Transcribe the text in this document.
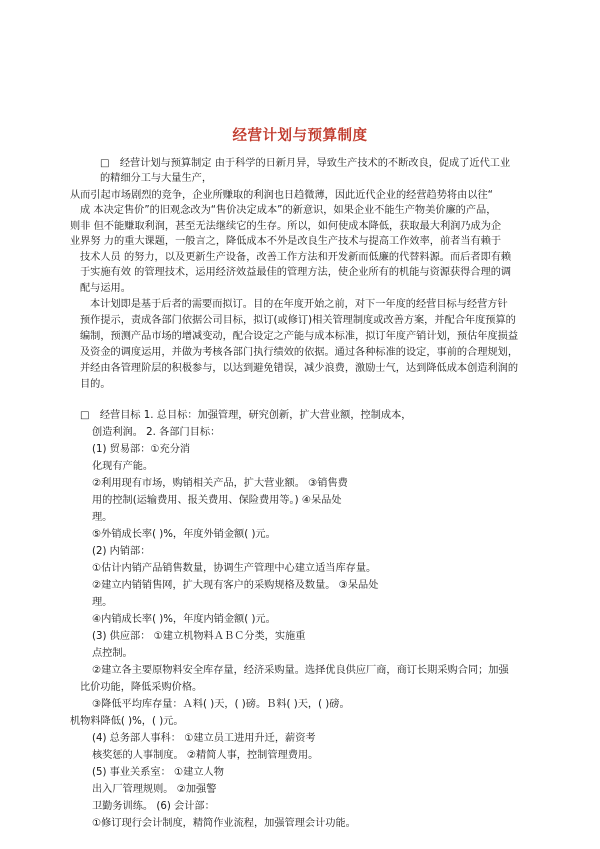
经营计划与预算制度
□　经营计划与预算制定 由于科学的日新月异，导致生产技术的不断改良，促成了近代工业
的精细分工与大量生产，
从而引起市场剧烈的竞争，企业所赚取的利润也日趋微薄，因此近代企业的经营趋势将由以往“
成 本决定售价”的旧观念改为“售价决定成本”的新意识，如果企业不能生产物美价廉的产品，
则非 但不能赚取利润，甚至无法继续它的生存。所以，如何使成本降低，获取最大利润乃成为企
业界努 力的重大课题，一般言之，降低成本不外是改良生产技术与提高工作效率，前者当有赖于
技术人员 的努力，以及更新生产设备，改善工作方法和开发新而低廉的代替料源。而后者即有赖
于实施有效 的管理技术，运用经济效益最佳的管理方法，使企业所有的机能与资源获得合理的调
配与运用。
本计划即是基于后者的需要而拟订。目的在年度开始之前，对下一年度的经营目标与经营方针
预作提示，责成各部门依据公司目标，拟订(或修订)相关管理制度或改善方案，并配合年度预算的
编制，预测产品市场的增减变动，配合设定之产能与成本标准，拟订年度产销计划，预估年度损益
及资金的调度运用，并做为考核各部门执行绩效的依据。通过各种标准的设定，事前的合理规划，
并经由各管理阶层的积极参与，以达到避免错误，减少浪费，激励士气，达到降低成本创造利润的
目的。
□　经营目标 1. 总目标：加强管理，研究创新，扩大营业额，控制成本，
创造利润。 2. 各部门目标：
(1) 贸易部：①充分消
化现有产能。
②利用现有市场，购销相关产品，扩大营业额。 ③销售费
用的控制(运输费用、报关费用、保险费用等。) ④呆品处
理。
⑤外销成长率( )%，年度外销金额( )元。
(2) 内销部：
①估计内销产品销售数量，协调生产管理中心建立适当库存量。
②建立内销销售网，扩大现有客户的采购规格及数量。 ③呆品处
理。
④内销成长率( )%，年度内销金额( )元。
(3) 供应部： ①建立机物料ＡＢＣ分类，实施重
点控制。
②建立各主要原物料安全库存量，经济采购量。选择优良供应厂商，商订长期采购合同；加强
比价功能，降低采购价格。
③降低平均库存量：Ａ料( )天，( )磅。Ｂ料( )天，( )磅。
机物料降低( )%，( )元。
(4) 总务部人事科： ①建立员工进用升迁，薪资考
核奖惩的人事制度。 ②精简人事，控制管理费用。
(5) 事业关系室： ①建立人物
出入厂管理规则。 ②加强警
卫勤务训练。 (6) 会计部：
①修订现行会计制度，精简作业流程，加强管理会计功能。
